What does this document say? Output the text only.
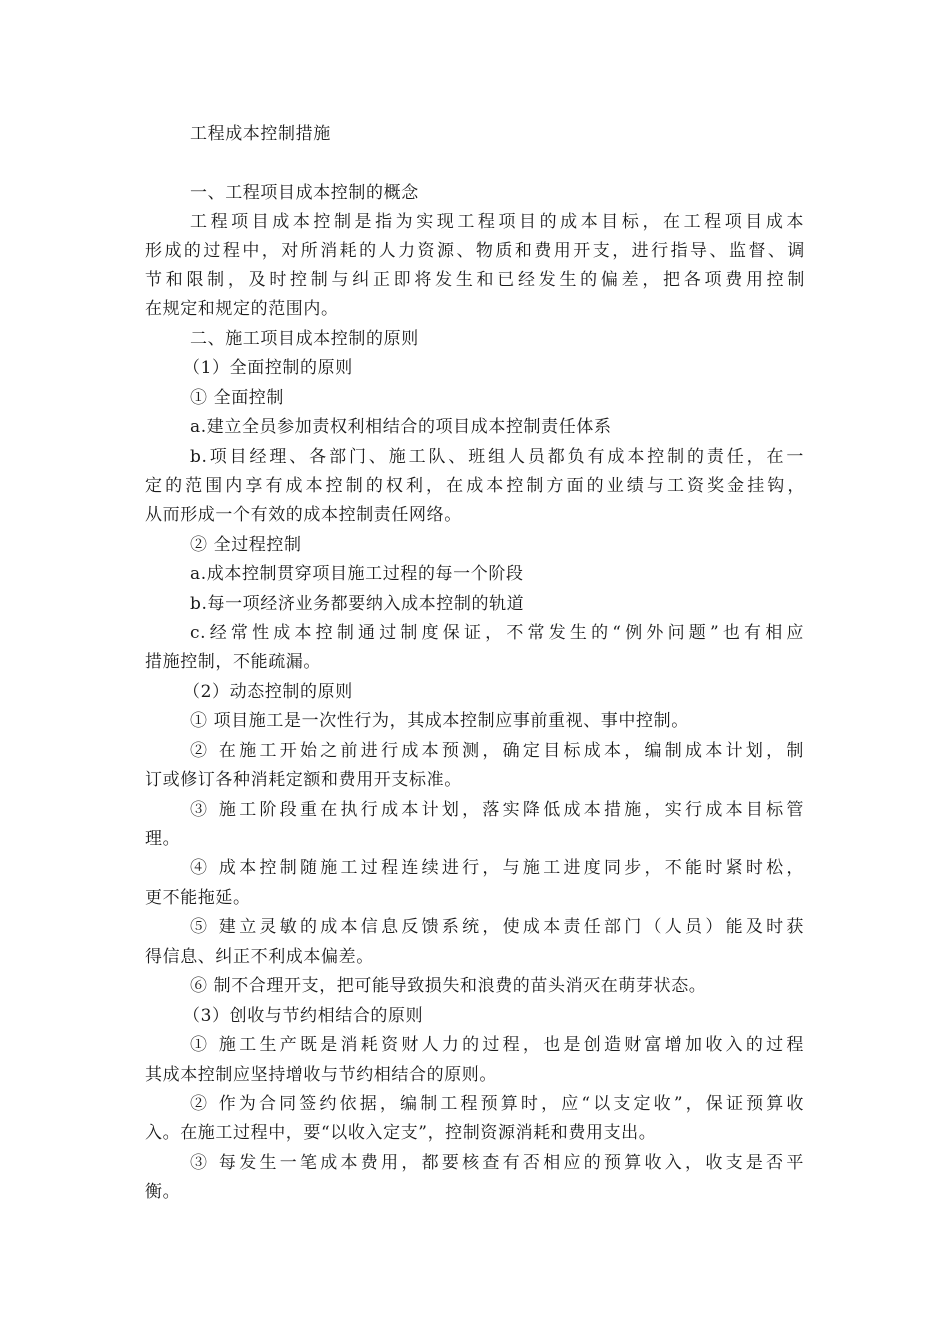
工程成本控制措施
一、工程项目成本控制的概念
工程项目成本控制是指为实现工程项目的成本目标，在工程项目成本
形成的过程中，对所消耗的人力资源、物质和费用开支，进行指导、监督、调
节和限制，及时控制与纠正即将发生和已经发生的偏差，把各项费用控制
在规定和规定的范围内。
二、施工项目成本控制的原则
（1）全面控制的原则
① 全面控制
a.建立全员参加责权利相结合的项目成本控制责任体系
b.项目经理、各部门、施工队、班组人员都负有成本控制的责任，在一
定的范围内享有成本控制的权利，在成本控制方面的业绩与工资奖金挂钩，
从而形成一个有效的成本控制责任网络。
② 全过程控制
a.成本控制贯穿项目施工过程的每一个阶段
b.每一项经济业务都要纳入成本控制的轨道
c.经常性成本控制通过制度保证，不常发生的“例外问题”也有相应
措施控制，不能疏漏。
（2）动态控制的原则
① 项目施工是一次性行为，其成本控制应事前重视、事中控制。
② 在施工开始之前进行成本预测，确定目标成本，编制成本计划，制
订或修订各种消耗定额和费用开支标准。
③ 施工阶段重在执行成本计划，落实降低成本措施，实行成本目标管
理。
④ 成本控制随施工过程连续进行，与施工进度同步，不能时紧时松，
更不能拖延。
⑤ 建立灵敏的成本信息反馈系统，使成本责任部门（人员）能及时获
得信息、纠正不利成本偏差。
⑥ 制不合理开支，把可能导致损失和浪费的苗头消灭在萌芽状态。
（3）创收与节约相结合的原则
① 施工生产既是消耗资财人力的过程，也是创造财富增加收入的过程
其成本控制应坚持增收与节约相结合的原则。
② 作为合同签约依据，编制工程预算时，应“以支定收”，保证预算收
入。在施工过程中，要“以收入定支”，控制资源消耗和费用支出。
③ 每发生一笔成本费用，都要核查有否相应的预算收入，收支是否平
衡。
